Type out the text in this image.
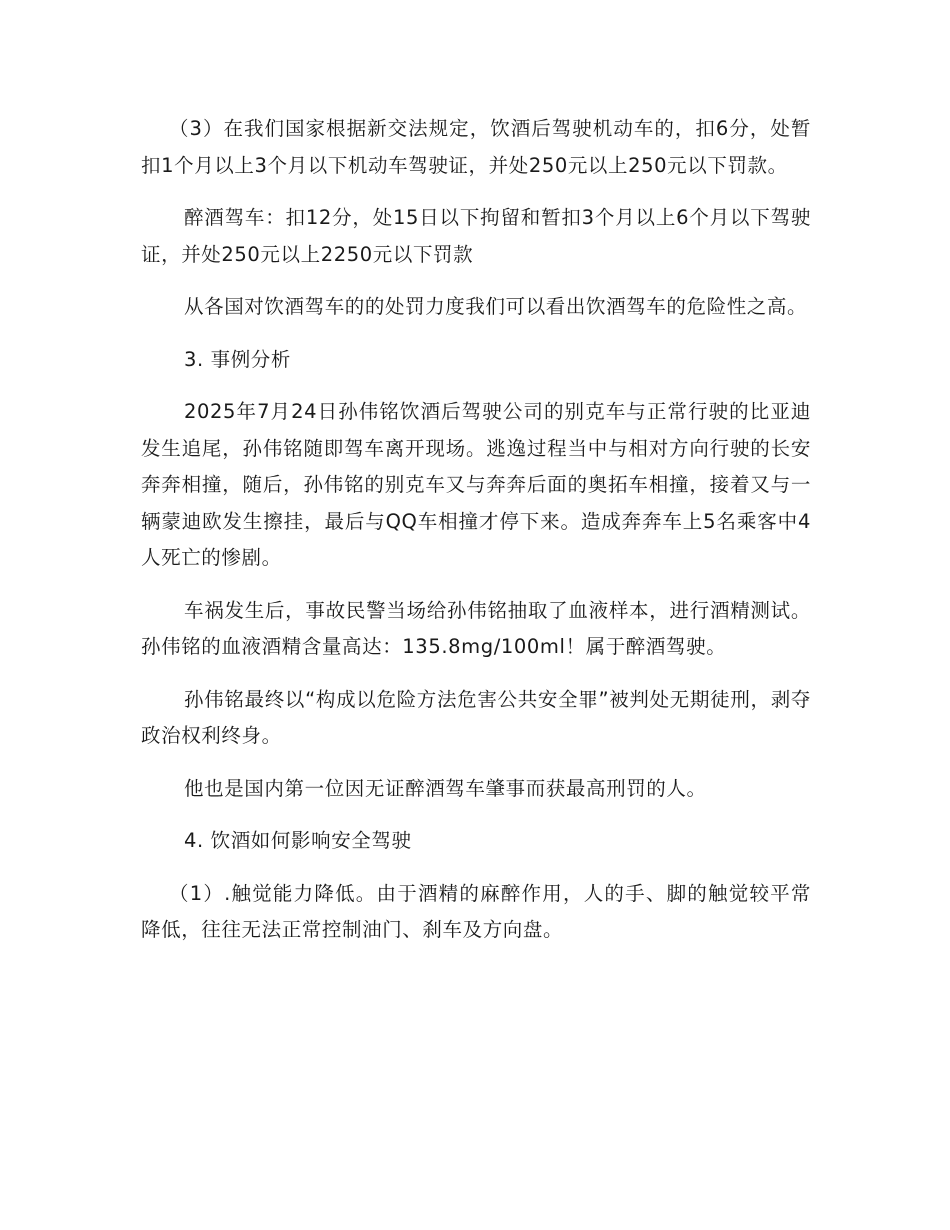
（3）在我们国家根据新交法规定，饮酒后驾驶机动车的，扣6分，处暂扣1个月以上3个月以下机动车驾驶证，并处250元以上250元以下罚款。

醉酒驾车：扣12分，处15日以下拘留和暂扣3个月以上6个月以下驾驶证，并处250元以上2250元以下罚款

从各国对饮酒驾车的的处罚力度我们可以看出饮酒驾车的危险性之高。

3. 事例分析

2025年7月24日孙伟铭饮酒后驾驶公司的别克车与正常行驶的比亚迪发生追尾，孙伟铭随即驾车离开现场。逃逸过程当中与相对方向行驶的长安奔奔相撞，随后，孙伟铭的别克车又与奔奔后面的奥拓车相撞，接着又与一辆蒙迪欧发生擦挂，最后与QQ车相撞才停下来。造成奔奔车上5名乘客中4人死亡的惨剧。

车祸发生后，事故民警当场给孙伟铭抽取了血液样本，进行酒精测试。孙伟铭的血液酒精含量高达：135.8mg/100ml！属于醉酒驾驶。

孙伟铭最终以“构成以危险方法危害公共安全罪”被判处无期徒刑，剥夺政治权利终身。

他也是国内第一位因无证醉酒驾车肇事而获最高刑罚的人。

4. 饮酒如何影响安全驾驶

（1）.触觉能力降低。由于酒精的麻醉作用，人的手、脚的触觉较平常降低，往往无法正常控制油门、刹车及方向盘。
